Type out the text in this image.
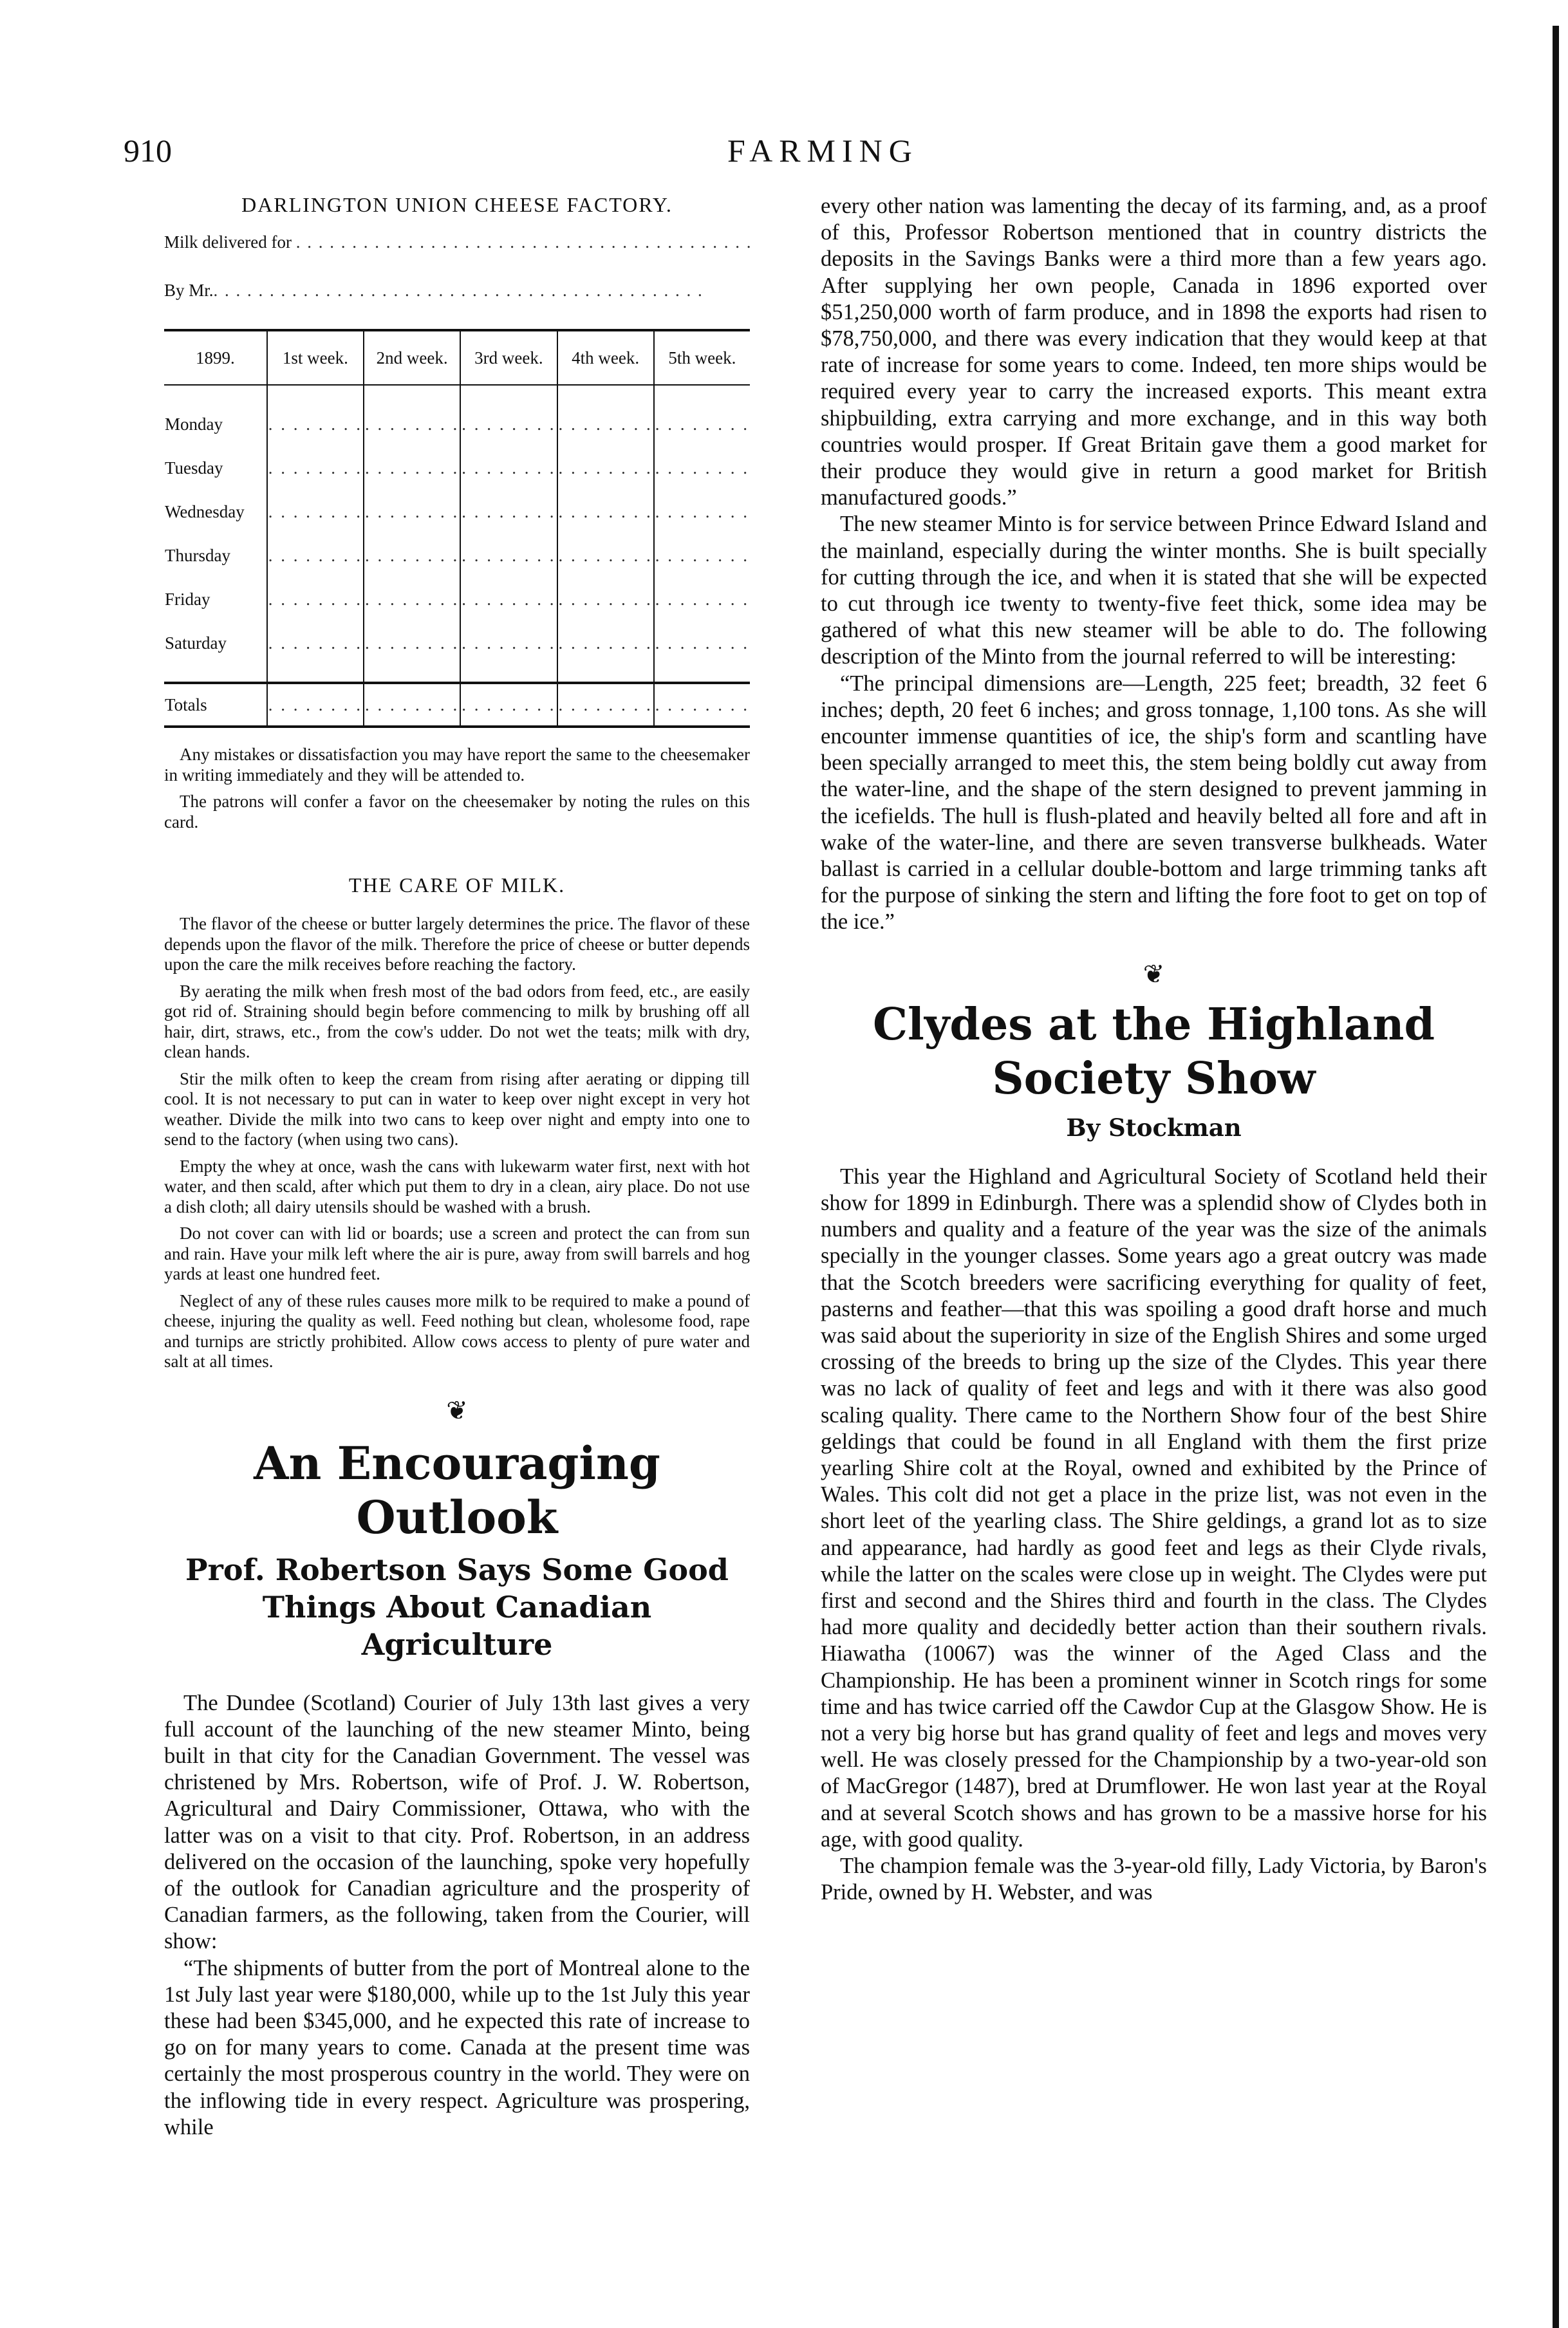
910	FARMING
DARLINGTON UNION CHEESE FACTORY.
Milk delivered for . . . . . . . . . . . . . . . . . . . . . . . . . . . . . . . . . . . . . . . . .
By Mr.. . . . . . . . . . . . . . . . . . . . . . . . . . . . . . . . . . . . . . . . . . . .
1899.	1st week.	2nd week.	3rd week.	4th week.	5th week.

Monday	. . . . . . . .	. . . . . . . .	. . . . . . . .	. . . . . . . .	. . . . . . . .
Tuesday	. . . . . . . .	. . . . . . . .	. . . . . . . .	. . . . . . . .	. . . . . . . .
Wednesday	. . . . . . . .	. . . . . . . .	. . . . . . . .	. . . . . . . .	. . . . . . . .
Thursday	. . . . . . . .	. . . . . . . .	. . . . . . . .	. . . . . . . .	. . . . . . . .
Friday	. . . . . . . .	. . . . . . . .	. . . . . . . .	. . . . . . . .	. . . . . . . .
Saturday	. . . . . . . .	. . . . . . . .	. . . . . . . .	. . . . . . . .	. . . . . . . .

Totals	. . . . . . . .	. . . . . . . .	. . . . . . . .	. . . . . . . .	. . . . . . . .

Any mistakes or dissatisfaction you may have report the same to the cheesemaker in writing immediately and they will be attended to.

The patrons will confer a favor on the cheesemaker by noting the rules on this card.

THE CARE OF MILK.

The flavor of the cheese or butter largely determines the price. The flavor of these depends upon the flavor of the milk. Therefore the price of cheese or butter depends upon the care the milk receives before reaching the factory.

By aerating the milk when fresh most of the bad odors from feed, etc., are easily got rid of. Straining should begin before commencing to milk by brushing off all hair, dirt, straws, etc., from the cow's udder. Do not wet the teats; milk with dry, clean hands.

Stir the milk often to keep the cream from rising after aerating or dipping till cool. It is not necessary to put can in water to keep over night except in very hot weather. Divide the milk into two cans to keep over night and empty into one to send to the factory (when using two cans).

Empty the whey at once, wash the cans with lukewarm water first, next with hot water, and then scald, after which put them to dry in a clean, airy place. Do not use a dish cloth; all dairy utensils should be washed with a brush.

Do not cover can with lid or boards; use a screen and protect the can from sun and rain. Have your milk left where the air is pure, away from swill barrels and hog yards at least one hundred feet.

Neglect of any of these rules causes more milk to be required to make a pound of cheese, injuring the quality as well. Feed nothing but clean, wholesome food, rape and turnips are strictly prohibited. Allow cows access to plenty of pure water and salt at all times.

❦
An Encouraging Outlook
Prof. Robertson Says Some Good Things About Canadian Agriculture

The Dundee (Scotland) Courier of July 13th last gives a very full account of the launching of the new steamer Minto, being built in that city for the Canadian Government. The vessel was christened by Mrs. Robertson, wife of Prof. J. W. Robertson, Agricultural and Dairy Commissioner, Ottawa, who with the latter was on a visit to that city. Prof. Robertson, in an address delivered on the occasion of the launching, spoke very hopefully of the outlook for Canadian agriculture and the prosperity of Canadian farmers, as the following, taken from the Courier, will show:

“The shipments of butter from the port of Montreal alone to the 1st July last year were $180,000, while up to the 1st July this year these had been $345,000, and he expected this rate of increase to go on for many years to come. Canada at the present time was certainly the most prosperous country in the world. They were on the inflowing tide in every respect. Agriculture was prospering, while

every other nation was lamenting the decay of its farming, and, as a proof of this, Professor Robertson mentioned that in country districts the deposits in the Savings Banks were a third more than a few years ago. After supplying her own people, Canada in 1896 exported over $51,250,000 worth of farm produce, and in 1898 the exports had risen to $78,750,000, and there was every indication that they would keep at that rate of increase for some years to come. Indeed, ten more ships would be required every year to carry the increased exports. This meant extra shipbuilding, extra carrying and more exchange, and in this way both countries would prosper. If Great Britain gave them a good market for their produce they would give in return a good market for British manufactured goods.”

The new steamer Minto is for service between Prince Edward Island and the mainland, especially during the winter months. She is built specially for cutting through the ice, and when it is stated that she will be expected to cut through ice twenty to twenty-five feet thick, some idea may be gathered of what this new steamer will be able to do. The following description of the Minto from the journal referred to will be interesting:

“The principal dimensions are—Length, 225 feet; breadth, 32 feet 6 inches; depth, 20 feet 6 inches; and gross tonnage, 1,100 tons. As she will encounter immense quantities of ice, the ship's form and scantling have been specially arranged to meet this, the stem being boldly cut away from the water-line, and the shape of the stern designed to prevent jamming in the icefields. The hull is flush-plated and heavily belted all fore and aft in wake of the water-line, and there are seven transverse bulkheads. Water ballast is carried in a cellular double-bottom and large trimming tanks aft for the purpose of sinking the stern and lifting the fore foot to get on top of the ice.”

❦
Clydes at the Highland Society Show
By Stockman

This year the Highland and Agricultural Society of Scotland held their show for 1899 in Edinburgh. There was a splendid show of Clydes both in numbers and quality and a feature of the year was the size of the animals specially in the younger classes. Some years ago a great outcry was made that the Scotch breeders were sacrificing everything for quality of feet, pasterns and feather—that this was spoiling a good draft horse and much was said about the superiority in size of the English Shires and some urged crossing of the breeds to bring up the size of the Clydes. This year there was no lack of quality of feet and legs and with it there was also good scaling quality. There came to the Northern Show four of the best Shire geldings that could be found in all England with them the first prize yearling Shire colt at the Royal, owned and exhibited by the Prince of Wales. This colt did not get a place in the prize list, was not even in the short leet of the yearling class. The Shire geldings, a grand lot as to size and appearance, had hardly as good feet and legs as their Clyde rivals, while the latter on the scales were close up in weight. The Clydes were put first and second and the Shires third and fourth in the class. The Clydes had more quality and decidedly better action than their southern rivals. Hiawatha (10067) was the winner of the Aged Class and the Championship. He has been a prominent winner in Scotch rings for some time and has twice carried off the Cawdor Cup at the Glasgow Show. He is not a very big horse but has grand quality of feet and legs and moves very well. He was closely pressed for the Championship by a two-year-old son of MacGregor (1487), bred at Drumflower. He won last year at the Royal and at several Scotch shows and has grown to be a massive horse for his age, with good quality.

The champion female was the 3-year-old filly, Lady Victoria, by Baron's Pride, owned by H. Webster, and was
